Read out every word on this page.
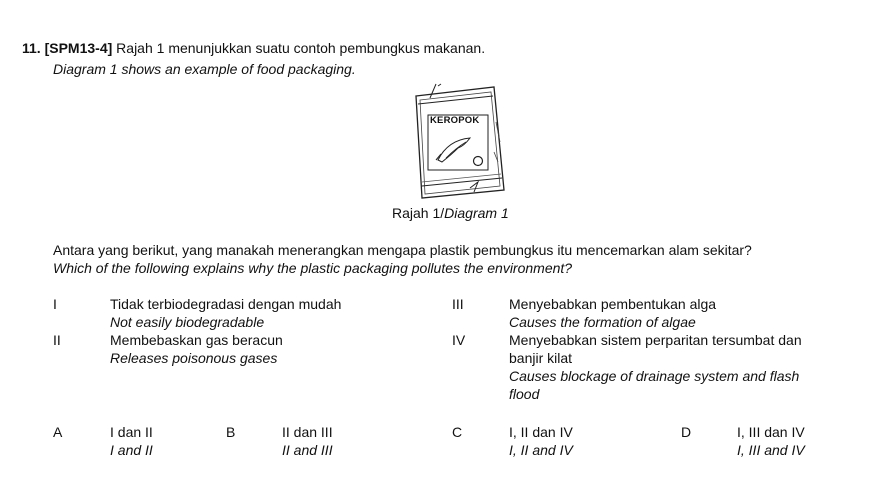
11. [SPM13-4] Rajah 1 menunjukkan suatu contoh pembungkus makanan.
Diagram 1 shows an example of food packaging.
KEROPOK
Rajah 1/Diagram 1
Antara yang berikut, yang manakah menerangkan mengapa plastik pembungkus itu mencemarkan alam sekitar?
Which of the following explains why the plastic packaging pollutes the environment?
I	Tidak terbiodegradasi dengan mudah
Not easily biodegradable
II	Membebaskan gas beracun
Releases poisonous gases
III	Menyebabkan pembentukan alga
Causes the formation of algae
IV	Menyebabkan sistem perparitan tersumbat dan
banjir kilat
Causes blockage of drainage system and flash
flood
A	I dan II
I and II
B	II dan III
II and III
C	I, II dan IV
I, II and IV
D	I, III dan IV
I, III and IV
